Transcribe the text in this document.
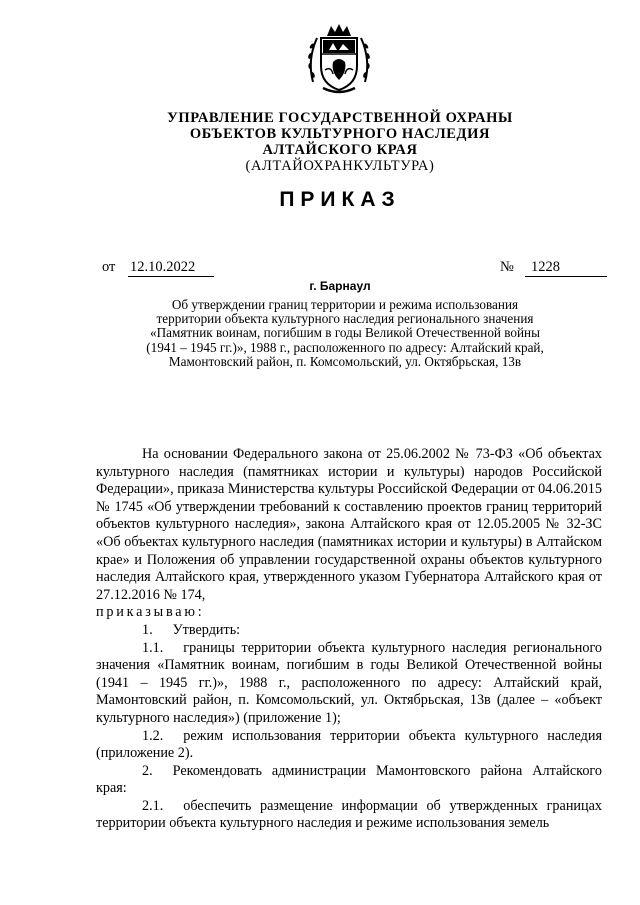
УПРАВЛЕНИЕ ГОСУДАРСТВЕННОЙ ОХРАНЫ
ОБЪЕКТОВ КУЛЬТУРНОГО НАСЛЕДИЯ
АЛТАЙСКОГО КРАЯ
(АЛТАЙОХРАНКУЛЬТУРА)
ПРИКАЗ
от 12.10.2022	№	1228
г. Барнаул
Об утверждении границ территории и режима использования территории объекта культурного наследия регионального значения «Памятник воинам, погибшим в годы Великой Отечественной войны (1941 – 1945 гг.)», 1988 г., расположенного по адресу: Алтайский край, Мамонтовский район, п. Комсомольский, ул. Октябрьская, 13в

На основании Федерального закона от 25.06.2002 № 73-ФЗ «Об объектах культурного наследия (памятниках истории и культуры) народов Российской Федерации», приказа Министерства культуры Российской Федерации от 04.06.2015 № 1745 «Об утверждении требований к составлению проектов границ территорий объектов культурного наследия», закона Алтайского края от 12.05.2005 № 32-ЗС «Об объектах культурного наследия (памятниках истории и культуры) в Алтайском крае» и Положения об управлении государственной охраны объектов культурного наследия Алтайского края, утвержденного указом Губернатора Алтайского края от 27.12.2016 № 174,

приказываю:

1. Утвердить:

1.1. границы территории объекта культурного наследия регионального значения «Памятник воинам, погибшим в годы Великой Отечественной войны (1941 – 1945 гг.)», 1988 г., расположенного по адресу: Алтайский край, Мамонтовский район, п. Комсомольский, ул. Октябрьская, 13в (далее – «объект культурного наследия») (приложение 1);

1.2. режим использования территории объекта культурного наследия (приложение 2).

2. Рекомендовать администрации Мамонтовского района Алтайского края:

2.1. обеспечить размещение информации об утвержденных границах территории объекта культурного наследия и режиме использования земель
